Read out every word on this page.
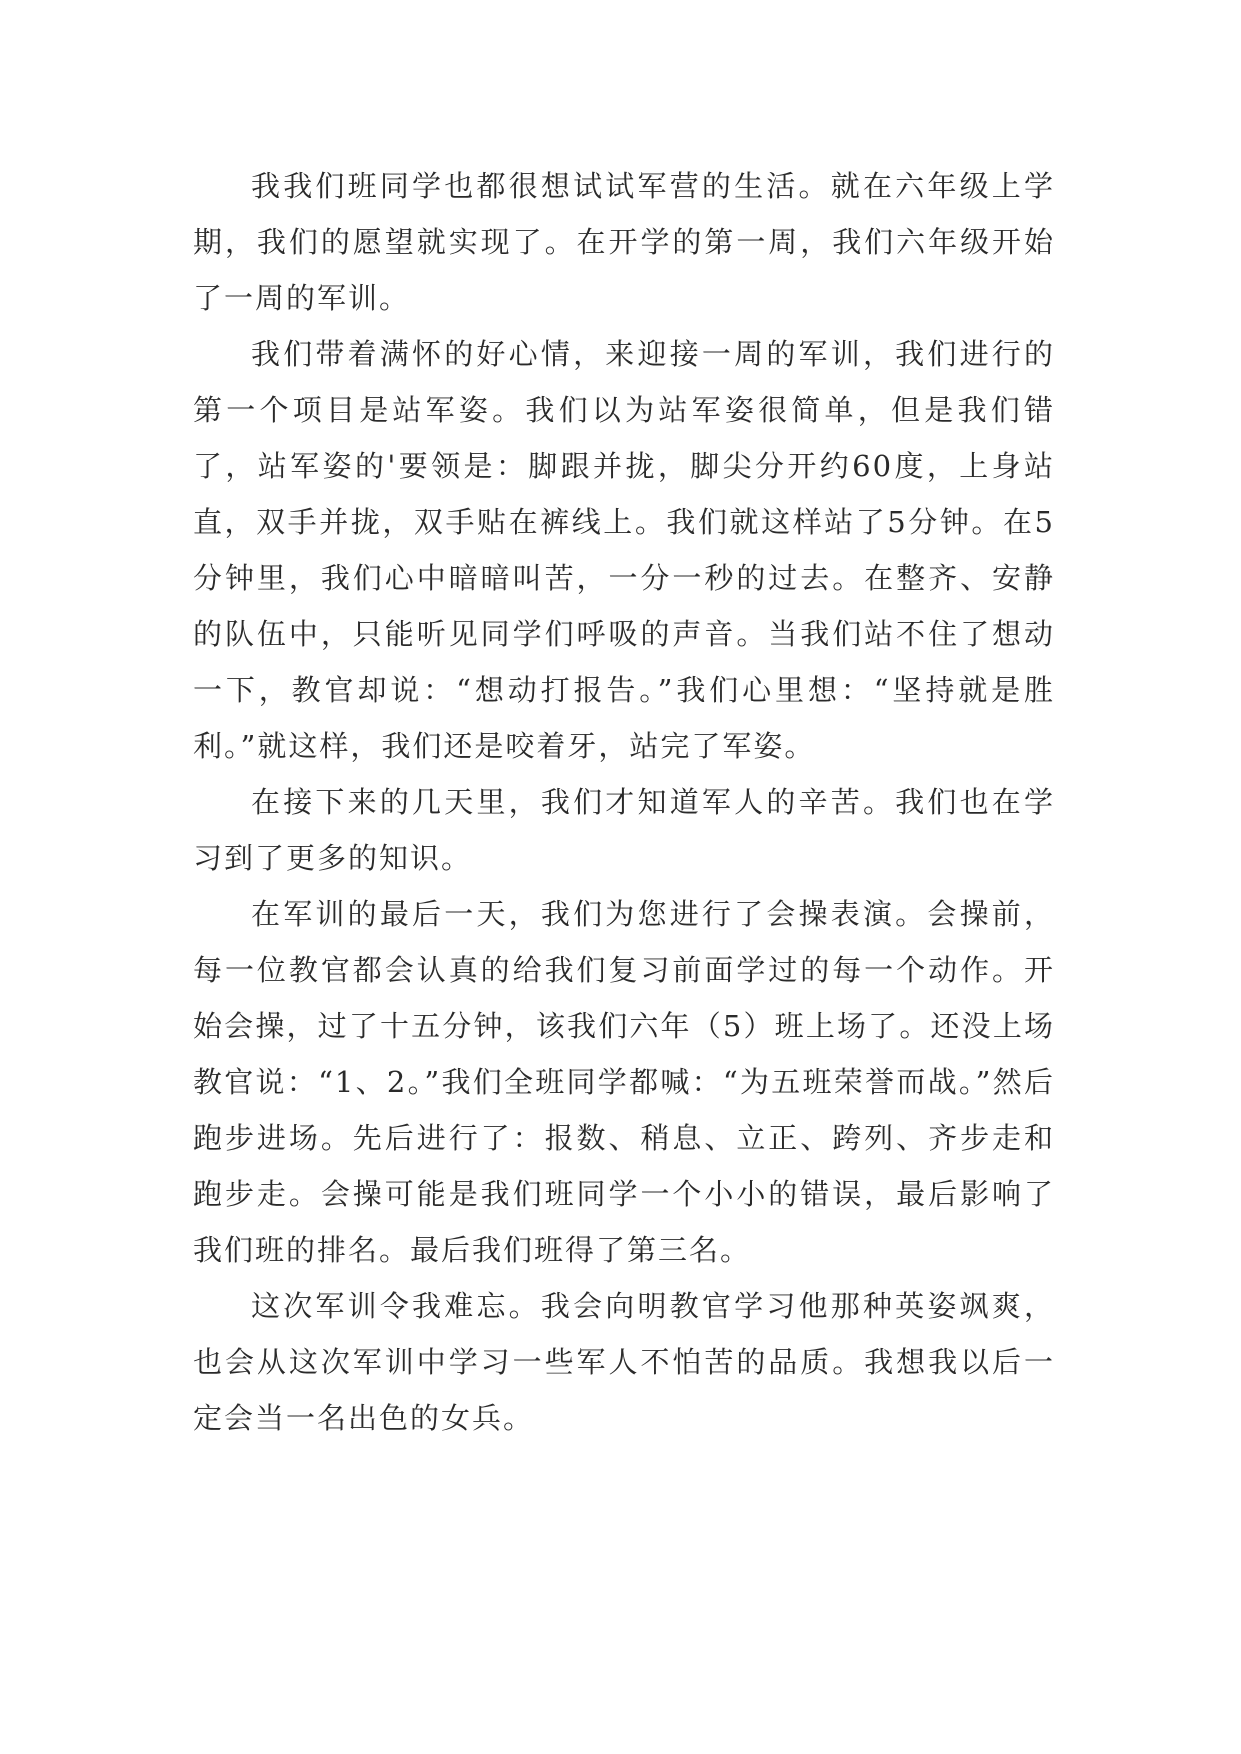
我我们班同学也都很想试试军营的生活。就在六年级上学期，我们的愿望就实现了。在开学的第一周，我们六年级开始了一周的军训。

我们带着满怀的好心情，来迎接一周的军训，我们进行的第一个项目是站军姿。我们以为站军姿很简单，但是我们错了，站军姿的'要领是：脚跟并拢，脚尖分开约60度，上身站直，双手并拢，双手贴在裤线上。我们就这样站了5分钟。在5分钟里，我们心中暗暗叫苦，一分一秒的过去。在整齐、安静的队伍中，只能听见同学们呼吸的声音。当我们站不住了想动一下，教官却说：“想动打报告。”我们心里想：“坚持就是胜利。”就这样，我们还是咬着牙，站完了军姿。

在接下来的几天里，我们才知道军人的辛苦。我们也在学习到了更多的知识。

在军训的最后一天，我们为您进行了会操表演。会操前，每一位教官都会认真的给我们复习前面学过的每一个动作。开始会操，过了十五分钟，该我们六年（5）班上场了。还没上场教官说：“1、2。”我们全班同学都喊：“为五班荣誉而战。”然后跑步进场。先后进行了：报数、稍息、立正、跨列、齐步走和跑步走。会操可能是我们班同学一个小小的错误，最后影响了我们班的排名。最后我们班得了第三名。

这次军训令我难忘。我会向明教官学习他那种英姿飒爽，也会从这次军训中学习一些军人不怕苦的品质。我想我以后一定会当一名出色的女兵。
